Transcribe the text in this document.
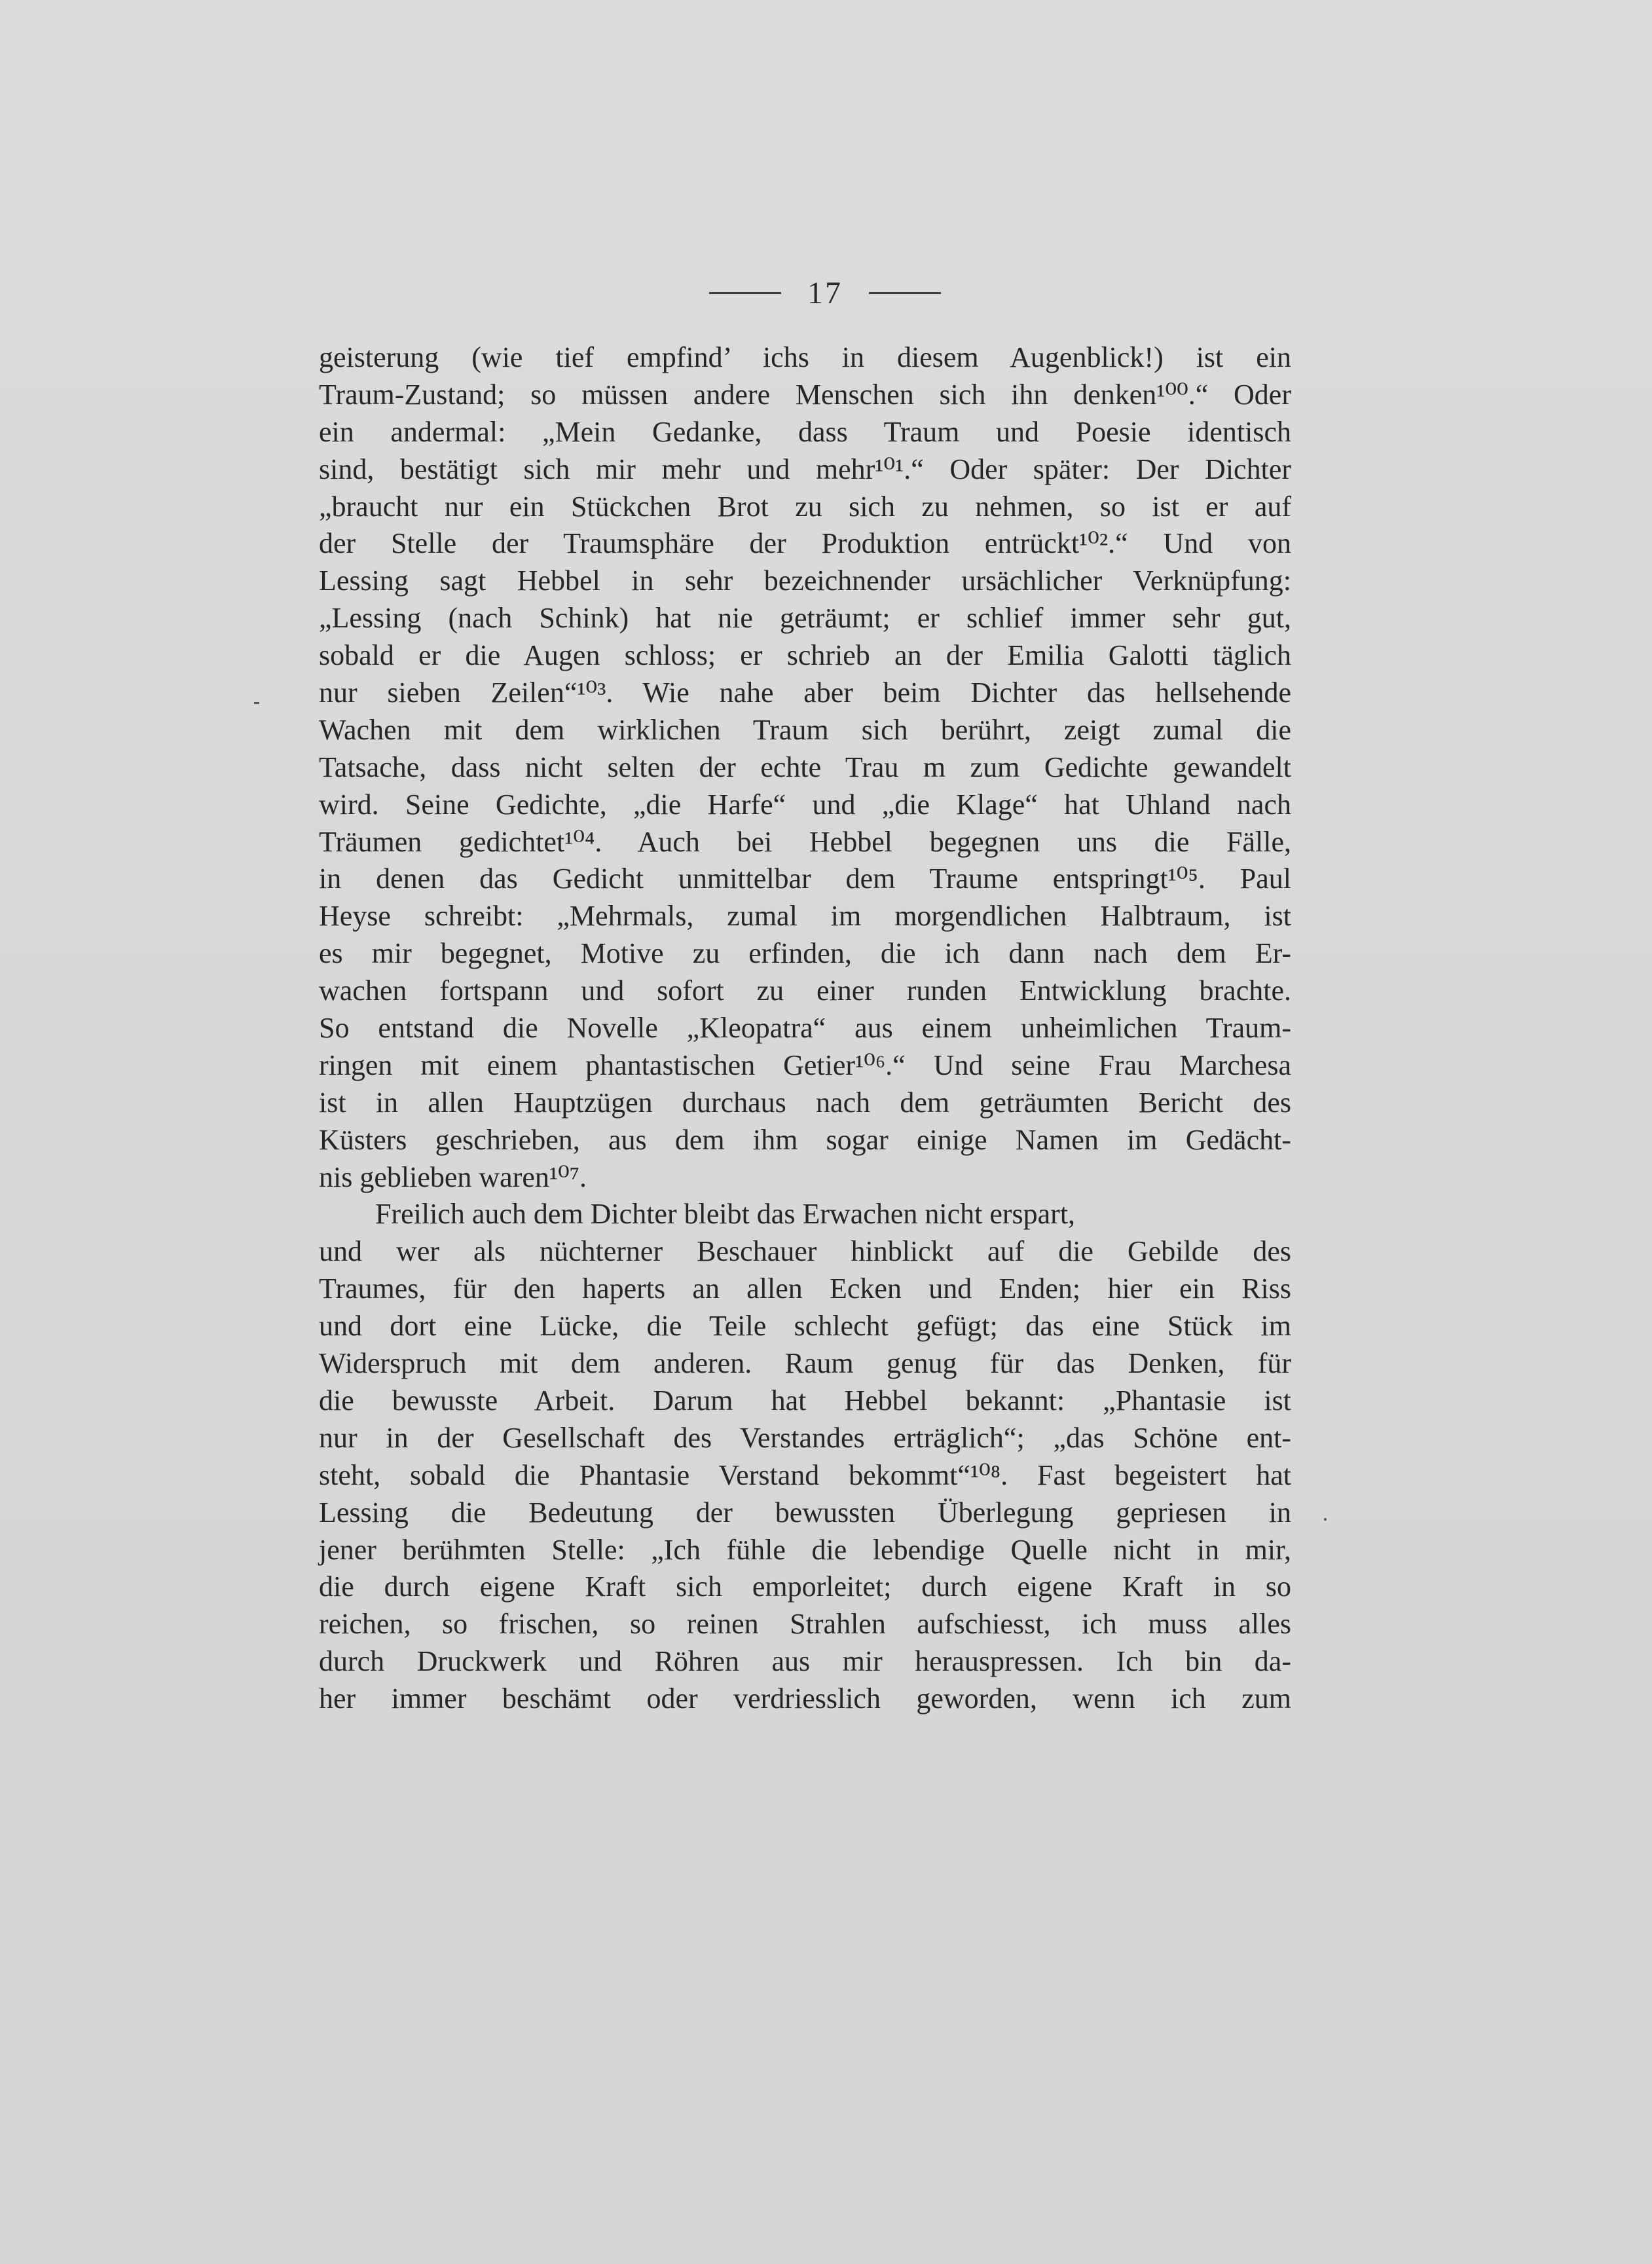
17
geisterung (wie tief empfind’ ichs in diesem Augenblick!) ist ein
Traum-Zustand; so müssen andere Menschen sich ihn denken¹⁰⁰.“ Oder
ein andermal: „Mein Gedanke, dass Traum und Poesie identisch
sind, bestätigt sich mir mehr und mehr¹⁰¹.“ Oder später: Der Dichter
„braucht nur ein Stückchen Brot zu sich zu nehmen, so ist er auf
der Stelle der Traumsphäre der Produktion entrückt¹⁰².“ Und von
Lessing sagt Hebbel in sehr bezeichnender ursächlicher Verknüpfung:
„Lessing (nach Schink) hat nie geträumt; er schlief immer sehr gut,
sobald er die Augen schloss; er schrieb an der Emilia Galotti täglich
nur sieben Zeilen“¹⁰³. Wie nahe aber beim Dichter das hellsehende
Wachen mit dem wirklichen Traum sich berührt, zeigt zumal die
Tatsache, dass nicht selten der echte Trau m zum Gedichte gewandelt
wird. Seine Gedichte, „die Harfe“ und „die Klage“ hat Uhland nach
Träumen gedichtet¹⁰⁴. Auch bei Hebbel begegnen uns die Fälle,
in denen das Gedicht unmittelbar dem Traume entspringt¹⁰⁵. Paul
Heyse schreibt: „Mehrmals, zumal im morgendlichen Halbtraum, ist
es mir begegnet, Motive zu erfinden, die ich dann nach dem Er-
wachen fortspann und sofort zu einer runden Entwicklung brachte.
So entstand die Novelle „Kleopatra“ aus einem unheimlichen Traum-
ringen mit einem phantastischen Getier¹⁰⁶.“ Und seine Frau Marchesa
ist in allen Hauptzügen durchaus nach dem geträumten Bericht des
Küsters geschrieben, aus dem ihm sogar einige Namen im Gedächt-
nis geblieben waren¹⁰⁷.
Freilich auch dem Dichter bleibt das Erwachen nicht erspart,
und wer als nüchterner Beschauer hinblickt auf die Gebilde des
Traumes, für den haperts an allen Ecken und Enden; hier ein Riss
und dort eine Lücke, die Teile schlecht gefügt; das eine Stück im
Widerspruch mit dem anderen. Raum genug für das Denken, für
die bewusste Arbeit. Darum hat Hebbel bekannt: „Phantasie ist
nur in der Gesellschaft des Verstandes erträglich“; „das Schöne ent-
steht, sobald die Phantasie Verstand bekommt“¹⁰⁸. Fast begeistert hat
Lessing die Bedeutung der bewussten Überlegung gepriesen in
jener berühmten Stelle: „Ich fühle die lebendige Quelle nicht in mir,
die durch eigene Kraft sich emporleitet; durch eigene Kraft in so
reichen, so frischen, so reinen Strahlen aufschiesst, ich muss alles
durch Druckwerk und Röhren aus mir herauspressen. Ich bin da-
her immer beschämt oder verdriesslich geworden, wenn ich zum
